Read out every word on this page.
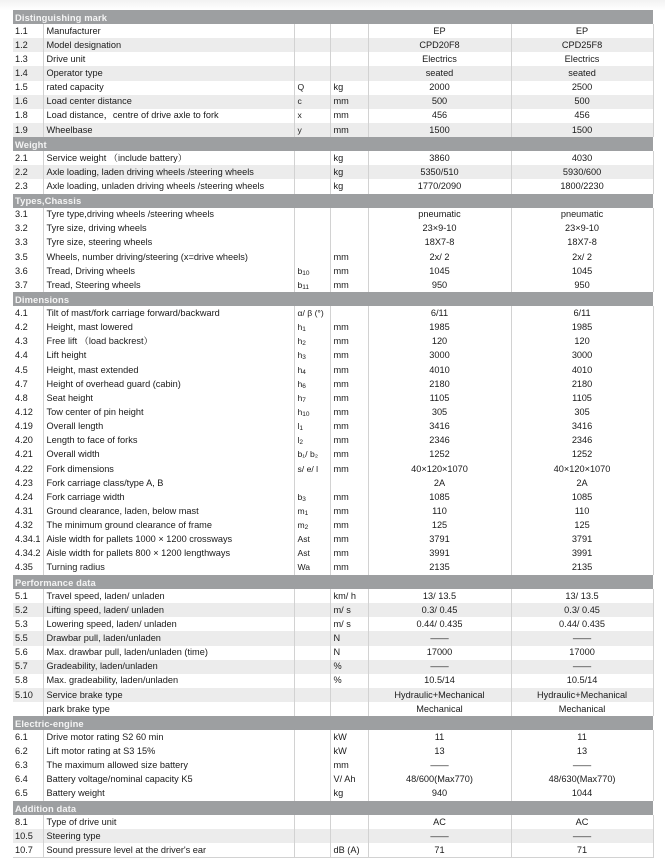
Distinguishing mark					
1.1	Manufacturer			EP	EP
1.2	Model designation			CPD20F8	CPD25F8
1.3	Drive unit			Electrics	Electrics
1.4	Operator type			seated	seated
1.5	rated capacity	Q	kg	2000	2500
1.6	Load center distance	c	mm	500	500
1.8	Load distance，centre of drive axle to fork	x	mm	456	456
1.9	Wheelbase	y	mm	1500	1500
Weight					
2.1	Service weight （include battery）		kg	3860	4030
2.2	Axle loading, laden driving wheels /steering wheels		kg	5350/510	5930/600
2.3	Axle loading, unladen driving wheels /steering wheels		kg	1770/2090	1800/2230
Types,Chassis					
3.1	Tyre type,driving wheels /steering wheels			pneumatic	pneumatic
3.2	Tyre size, driving wheels			23×9-10	23×9-10
3.3	Tyre size, steering wheels			18X7-8	18X7-8
3.5	Wheels, number driving/steering (x=drive wheels)		mm	2x/ 2	2x/ 2
3.6	Tread, Driving wheels	$b_{10}$	mm	1045	1045
3.7	Tread, Steering wheels	$b_{11}$	mm	950	950
Dimensions					
4.1	Tilt of mast/fork carriage forward/backward	α/ β (°)		6/11	6/11
4.2	Height, mast lowered	$h_1$	mm	1985	1985
4.3	Free lift （load backrest）	$h_2$	mm	120	120
4.4	Lift height	$h_3$	mm	3000	3000
4.5	Height, mast extended	$h_4$	mm	4010	4010
4.7	Height of overhead guard (cabin)	$h_6$	mm	2180	2180
4.8	Seat height	$h_7$	mm	1105	1105
4.12	Tow center of pin height	$h_{10}$	mm	305	305
4.19	Overall length	$l_1$	mm	3416	3416
4.20	Length to face of forks	$l_2$	mm	2346	2346
4.21	Overall width	b₁/ b₂	mm	1252	1252
4.22	Fork dimensions	s/ e/ l	mm	40×120×1070	40×120×1070
4.23	Fork carriage class/type A, B			2A	2A
4.24	Fork carriage width	$b_3$	mm	1085	1085
4.31	Ground clearance, laden, below mast	$m_1$	mm	110	110
4.32	The minimum ground clearance of frame	$m_2$	mm	125	125
4.34.1	Aisle width for pallets 1000 × 1200 crossways	Ast	mm	3791	3791
4.34.2	Aisle width for pallets 800 × 1200 lengthways	Ast	mm	3991	3991
4.35	Turning radius	Wa	mm	2135	2135
Performance data					
5.1	Travel speed, laden/ unladen		km/ h	13/ 13.5	13/ 13.5
5.2	Lifting speed, laden/ unladen		m/ s	0.3/ 0.45	0.3/ 0.45
5.3	Lowering speed, laden/ unladen		m/ s	0.44/ 0.435	0.44/ 0.435
5.5	Drawbar pull, laden/unladen		N	——	——
5.6	Max. drawbar pull, laden/unladen (time)		N	17000	17000
5.7	Gradeability, laden/unladen		%	——	——
5.8	Max. gradeability, laden/unladen		%	10.5/14	10.5/14
5.10	Service brake type			Hydraulic+Mechanical	Hydraulic+Mechanical
	park brake type			Mechanical	Mechanical
Electric-engine					
6.1	Drive motor rating S2 60 min		kW	11	11
6.2	Lift motor rating at S3 15%		kW	13	13
6.3	The maximum allowed size battery		mm	——	——
6.4	Battery voltage/nominal capacity K5		V/ Ah	48/600(Max770)	48/630(Max770)
6.5	Battery weight		kg	940	1044
Addition data					
8.1	Type of drive unit			AC	AC
10.5	Steering type			——	——
10.7	Sound pressure level at the driver's ear		dB (A)	71	71
